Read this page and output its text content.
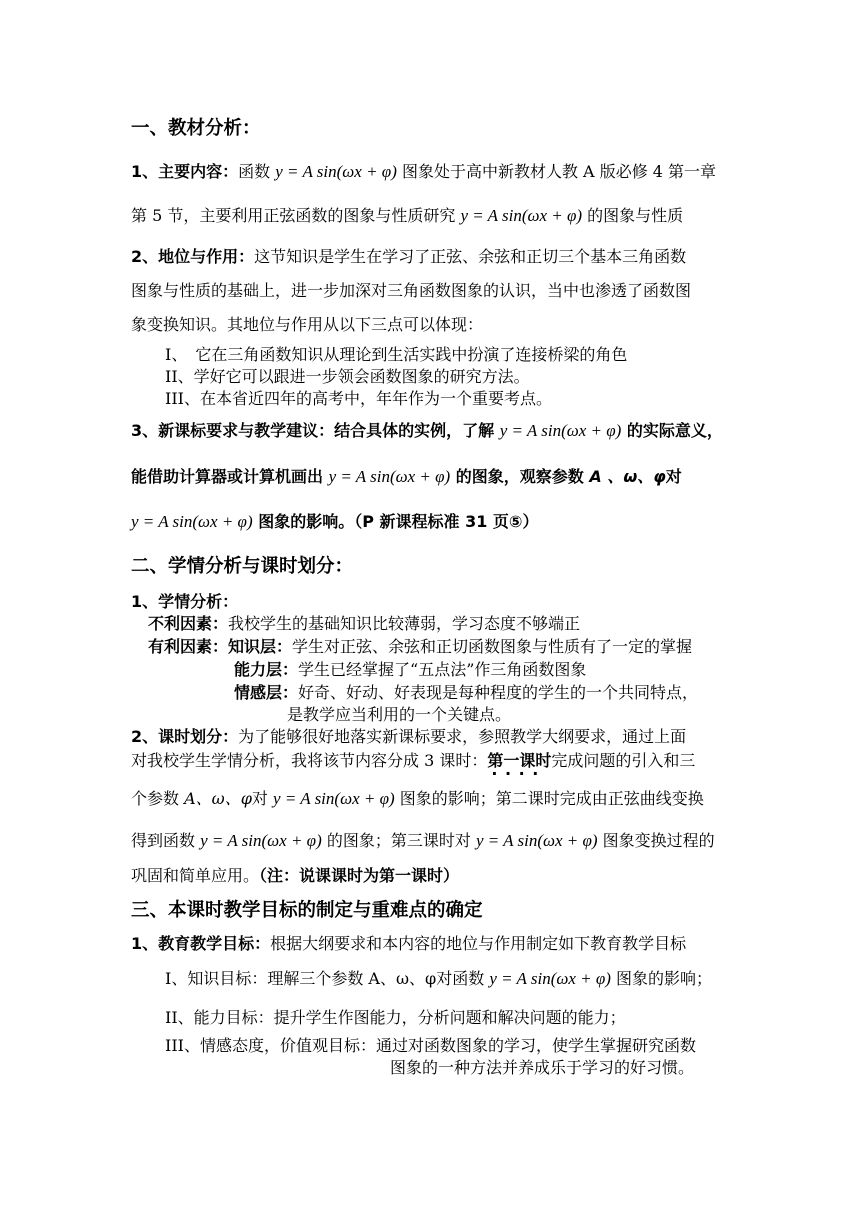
一、教材分析：
1、主要内容：函数 y = A sin(ωx + φ) 图象处于高中新教材人教 A 版必修 4 第一章
第 5 节，主要利用正弦函数的图象与性质研究 y = A sin(ωx + φ) 的图象与性质
2、地位与作用：这节知识是学生在学习了正弦、余弦和正切三个基本三角函数
图象与性质的基础上，进一步加深对三角函数图象的认识，当中也渗透了函数图
象变换知识。其地位与作用从以下三点可以体现：
I、　它在三角函数知识从理论到生活实践中扮演了连接桥梁的角色
II、学好它可以跟进一步领会函数图象的研究方法。
III、在本省近四年的高考中，年年作为一个重要考点。
3、新课标要求与教学建议：结合具体的实例，了解 y = A sin(ωx + φ) 的实际意义，
能借助计算器或计算机画出 y = A sin(ωx + φ) 的图象，观察参数 A 、ω、φ对
y = A sin(ωx + φ) 图象的影响。（P 新课程标准 31 页⑤）
二、学情分析与课时划分：
1、学情分析：
不利因素：我校学生的基础知识比较薄弱，学习态度不够端正
有利因素：知识层：学生对正弦、余弦和正切函数图象与性质有了一定的掌握
能力层：学生已经掌握了“五点法”作三角函数图象
情感层：好奇、好动、好表现是每种程度的学生的一个共同特点，
是教学应当利用的一个关键点。
2、课时划分：为了能够很好地落实新课标要求，参照教学大纲要求，通过上面
对我校学生学情分析，我将该节内容分成 3 课时：第一课时 · · 完成问题的引入和三
个参数 A、ω、φ对 y = A sin(ωx + φ) 图象的影响；第二课时完成由正弦曲线变换
得到函数 y = A sin(ωx + φ) 的图象；第三课时对 y = A sin(ωx + φ) 图象变换过程的
巩固和简单应用。（注：说课课时为第一课时）
三、本课时教学目标的制定与重难点的确定
1、教育教学目标：根据大纲要求和本内容的地位与作用制定如下教育教学目标
I、知识目标：理解三个参数 A、ω、φ对函数 y = A sin(ωx + φ) 图象的影响；
II、能力目标：提升学生作图能力，分析问题和解决问题的能力；
III、情感态度，价值观目标：通过对函数图象的学习，使学生掌握研究函数
图象的一种方法并养成乐于学习的好习惯。
